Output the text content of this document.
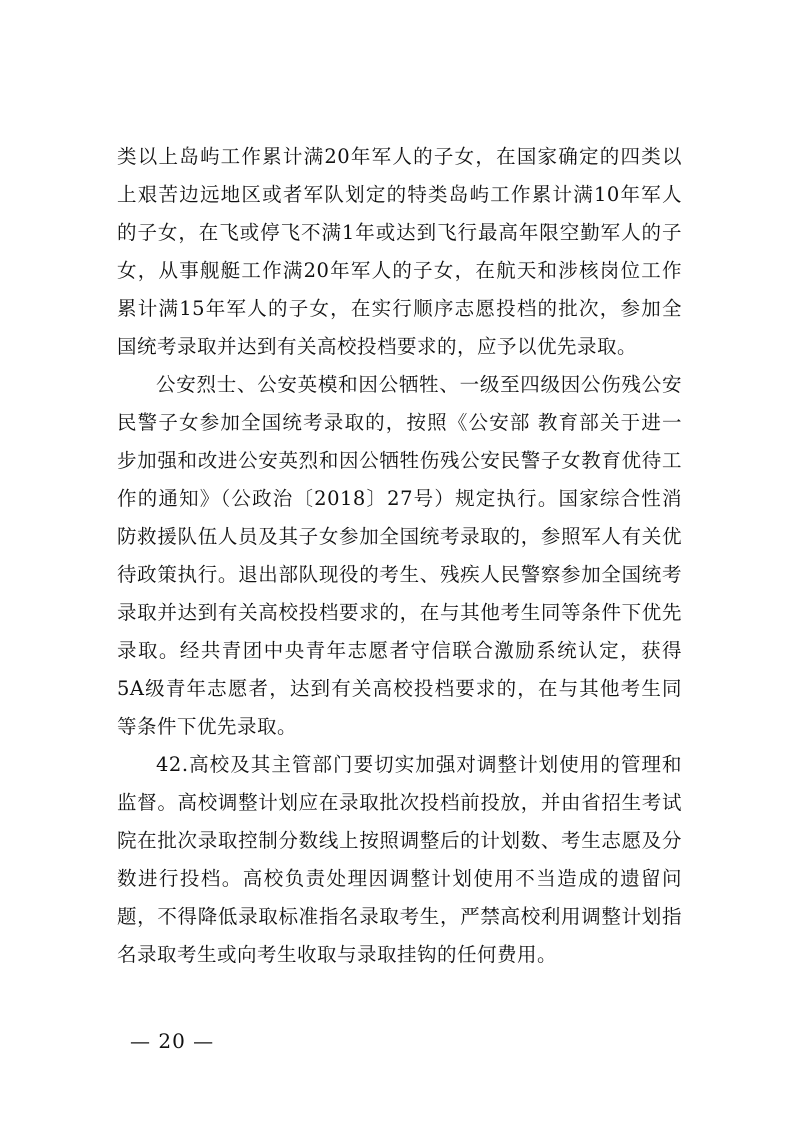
类以上岛屿工作累计满20年军人的子女，在国家确定的四类以上艰苦边远地区或者军队划定的特类岛屿工作累计满10年军人的子女，在飞或停飞不满1年或达到飞行最高年限空勤军人的子女，从事舰艇工作满20年军人的子女，在航天和涉核岗位工作累计满15年军人的子女，在实行顺序志愿投档的批次，参加全国统考录取并达到有关高校投档要求的，应予以优先录取。

公安烈士、公安英模和因公牺牲、一级至四级因公伤残公安民警子女参加全国统考录取的，按照《公安部 教育部关于进一步加强和改进公安英烈和因公牺牲伤残公安民警子女教育优待工作的通知》（公政治〔2018〕27号）规定执行。国家综合性消防救援队伍人员及其子女参加全国统考录取的，参照军人有关优待政策执行。退出部队现役的考生、残疾人民警察参加全国统考录取并达到有关高校投档要求的，在与其他考生同等条件下优先录取。经共青团中央青年志愿者守信联合激励系统认定，获得5A级青年志愿者，达到有关高校投档要求的，在与其他考生同等条件下优先录取。

42.高校及其主管部门要切实加强对调整计划使用的管理和监督。高校调整计划应在录取批次投档前投放，并由省招生考试院在批次录取控制分数线上按照调整后的计划数、考生志愿及分数进行投档。高校负责处理因调整计划使用不当造成的遗留问题，不得降低录取标准指名录取考生，严禁高校利用调整计划指名录取考生或向考生收取与录取挂钩的任何费用。

— 20 —
